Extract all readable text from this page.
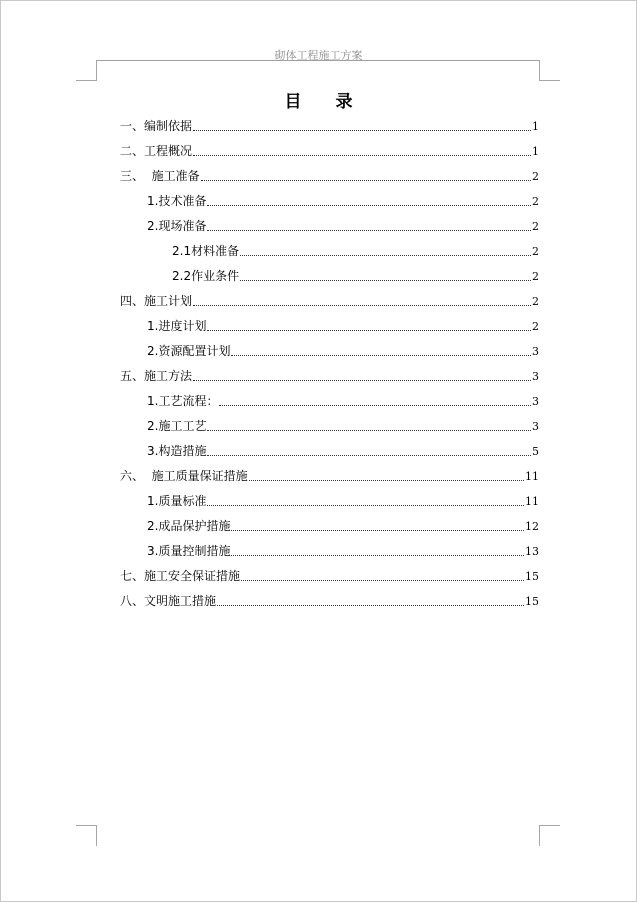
砌体工程施工方案
目 录
一、编制依据	1
二、工程概况	1
三、  施工准备	2
1.技术准备	2
2.现场准备	2
2.1材料准备	2
2.2作业条件	2
四、施工计划	2
1.进度计划	2
2.资源配置计划	3
五、施工方法	3
1.工艺流程：	3
2.施工工艺	3
3.构造措施	5
六、  施工质量保证措施	11
1.质量标准	11
2.成品保护措施	12
3.质量控制措施	13
七、施工安全保证措施	15
八、文明施工措施	15
